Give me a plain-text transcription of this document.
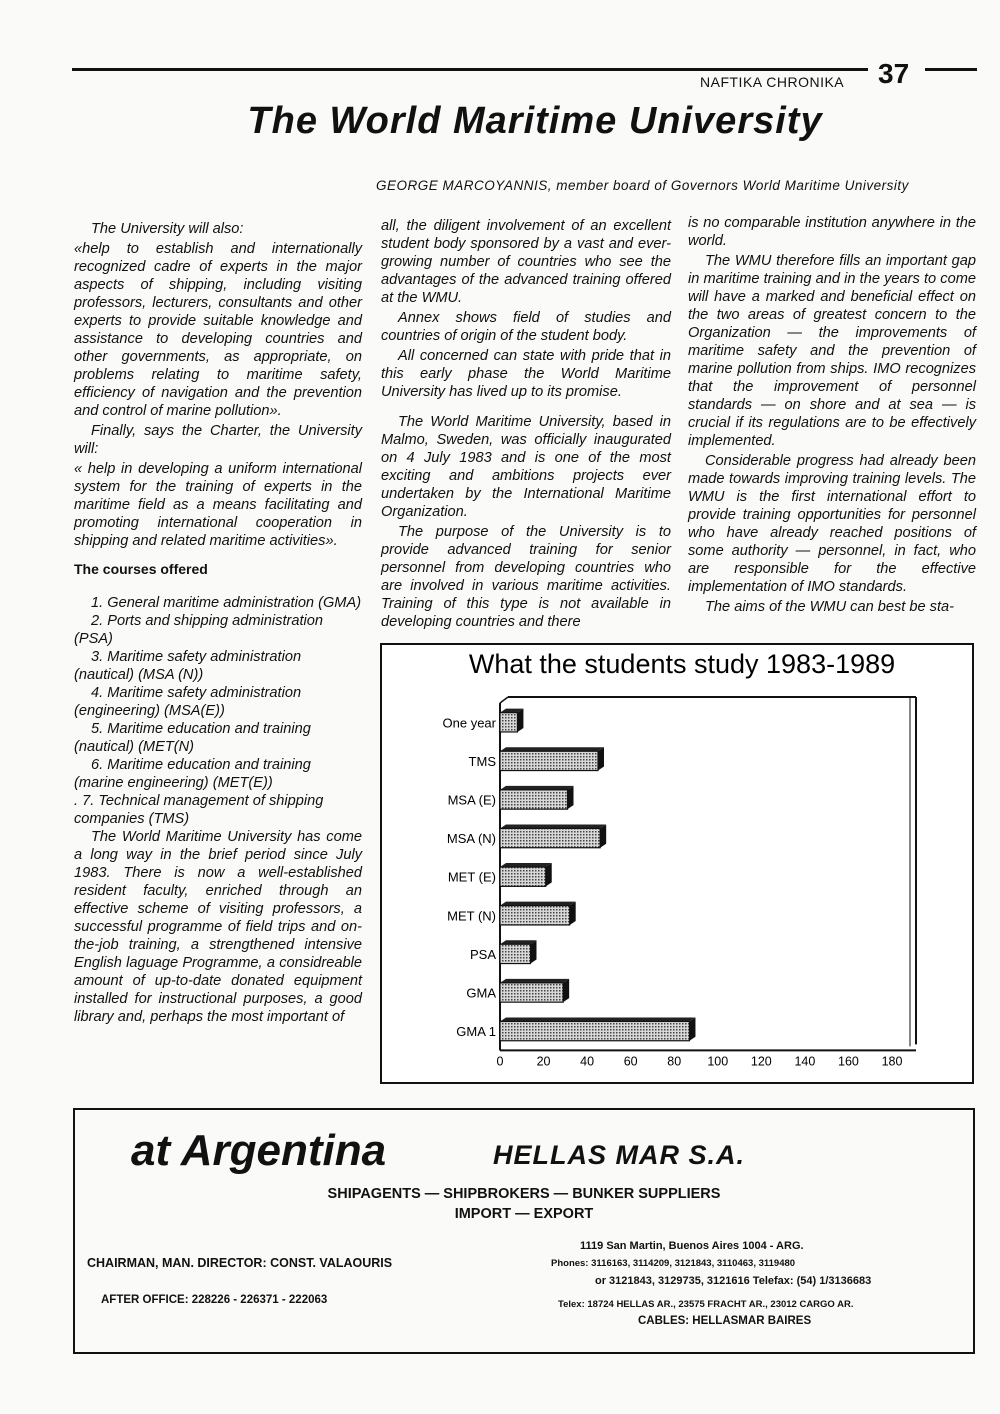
NAFTIKA CHRONIKA 37
The World Maritime University
GEORGE MARCOYANNIS, member board of Governors World Maritime University

The University will also:

«help to establish and internationally recognized cadre of experts in the major aspects of shipping, including visiting professors, lecturers, consultants and other experts to provide suitable knowledge and assistance to developing countries and other governments, as appropriate, on problems relating to maritime safety, efficiency of navigation and the prevention and control of marine pollution».

Finally, says the Charter, the University will:

« help in developing a uniform international system for the training of experts in the maritime field as a means facilitating and promoting international cooperation in shipping and related maritime activities».

The courses offered
1. General maritime administration (GMA)
2. Ports and shipping administration (PSA)
3. Maritime safety administration (nautical) (MSA (N))
4. Maritime safety administration (engineering) (MSA(E))
5. Maritime education and training (nautical) (MET(N)
6. Maritime education and training (marine engineering) (MET(E))
. 7. Technical management of shipping companies (TMS)

The World Maritime University has come a long way in the brief period since July 1983. There is now a well-established resident faculty, enriched through an effective scheme of visiting professors, a successful programme of field trips and on-the-job training, a strengthened intensive English laguage Programme, a considreable amount of up-to-date donated equipment installed for instructional purposes, a good library and, perhaps the most important of

all, the diligent involvement of an excellent student body sponsored by a vast and ever-growing number of countries who see the advantages of the advanced training offered at the WMU.

Annex shows field of studies and countries of origin of the student body.

All concerned can state with pride that in this early phase the World Maritime University has lived up to its promise.

The World Maritime University, based in Malmo, Sweden, was officially inaugurated on 4 July 1983 and is one of the most exciting and ambitions projects ever undertaken by the International Maritime Organization.

The purpose of the University is to provide advanced training for senior personnel from developing countries who are involved in various maritime activities. Training of this type is not available in developing countries and there

is no comparable institution anywhere in the world.

The WMU therefore fills an important gap in maritime training and in the years to come will have a marked and beneficial effect on the two areas of greatest concern to the Organization — the improvements of maritime safety and the prevention of marine pollution from ships. IMO recognizes that the improvement of personnel standards — on shore and at sea — is crucial if its regulations are to be effectively implemented.

Considerable progress had already been made towards improving training levels. The WMU is the first international effort to provide training opportunities for personnel who have already reached positions of some authority — personnel, in fact, who are responsible for the effective implementation of IMO standards.

The aims of the WMU can best be sta-

What the students study 1983-1989
One year
TMS
MSA (E)
MSA (N)
MET (E)
MET (N)
PSA
GMA
GMA 1
0	20 40 60 80 100 120 140 160 180
at Argentina	HELLAS MAR S.A.
SHIPAGENTS — SHIPBROKERS — BUNKER SUPPLIERS
IMPORT — EXPORT
CHAIRMAN, MAN. DIRECTOR: CONST. VALAOURIS
AFTER OFFICE: 228226 - 226371 - 222063
1119 San Martin, Buenos Aires 1004 - ARG.
Phones: 3116163, 3114209, 3121843, 3110463, 3119480
or 3121843, 3129735, 3121616 Telefax: (54) 1/3136683
Telex: 18724 HELLAS AR., 23575 FRACHT AR., 23012 CARGO AR.
CABLES: HELLASMAR BAIRES
